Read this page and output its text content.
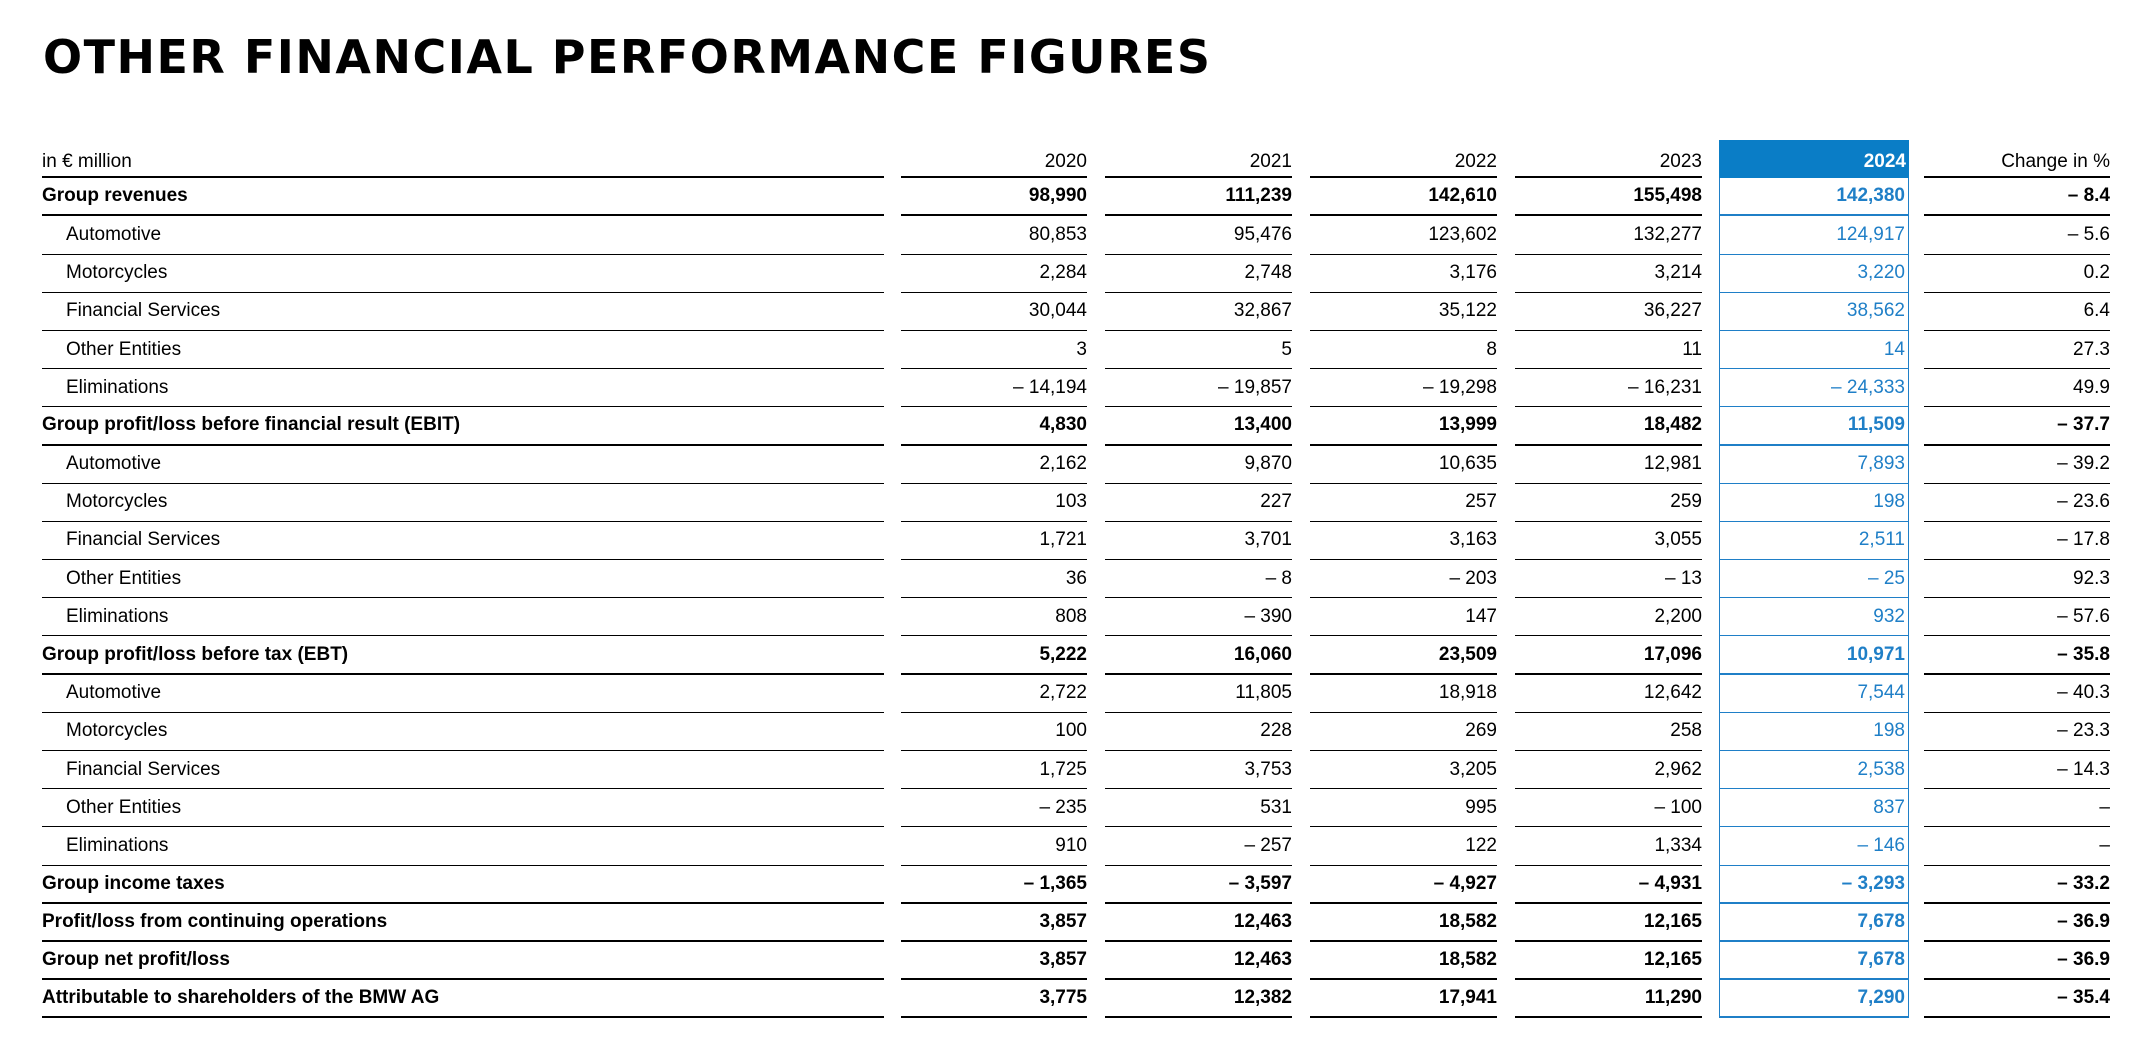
OTHER FINANCIAL PERFORMANCE FIGURES
in € million	2020	2021	2022	2023	2024	Change in %
Group revenues	98,990	111,239	142,610	155,498	142,380	– 8.4
Automotive	80,853	95,476	123,602	132,277	124,917	– 5.6
Motorcycles	2,284	2,748	3,176	3,214	3,220	0.2
Financial Services	30,044	32,867	35,122	36,227	38,562	6.4
Other Entities	3	5	8	11	14	27.3
Eliminations	– 14,194	– 19,857	– 19,298	– 16,231	– 24,333	49.9
Group profit/loss before financial result (EBIT)	4,830	13,400	13,999	18,482	11,509	– 37.7
Automotive	2,162	9,870	10,635	12,981	7,893	– 39.2
Motorcycles	103	227	257	259	198	– 23.6
Financial Services	1,721	3,701	3,163	3,055	2,511	– 17.8
Other Entities	36	– 8	– 203	– 13	– 25	92.3
Eliminations	808	– 390	147	2,200	932	– 57.6
Group profit/loss before tax (EBT)	5,222	16,060	23,509	17,096	10,971	– 35.8
Automotive	2,722	11,805	18,918	12,642	7,544	– 40.3
Motorcycles	100	228	269	258	198	– 23.3
Financial Services	1,725	3,753	3,205	2,962	2,538	– 14.3
Other Entities	– 235	531	995	– 100	837	–
Eliminations	910	– 257	122	1,334	– 146	–
Group income taxes	– 1,365	– 3,597	– 4,927	– 4,931	– 3,293	– 33.2
Profit/loss from continuing operations	3,857	12,463	18,582	12,165	7,678	– 36.9
Group net profit/loss	3,857	12,463	18,582	12,165	7,678	– 36.9
Attributable to shareholders of the BMW AG	3,775	12,382	17,941	11,290	7,290	– 35.4
